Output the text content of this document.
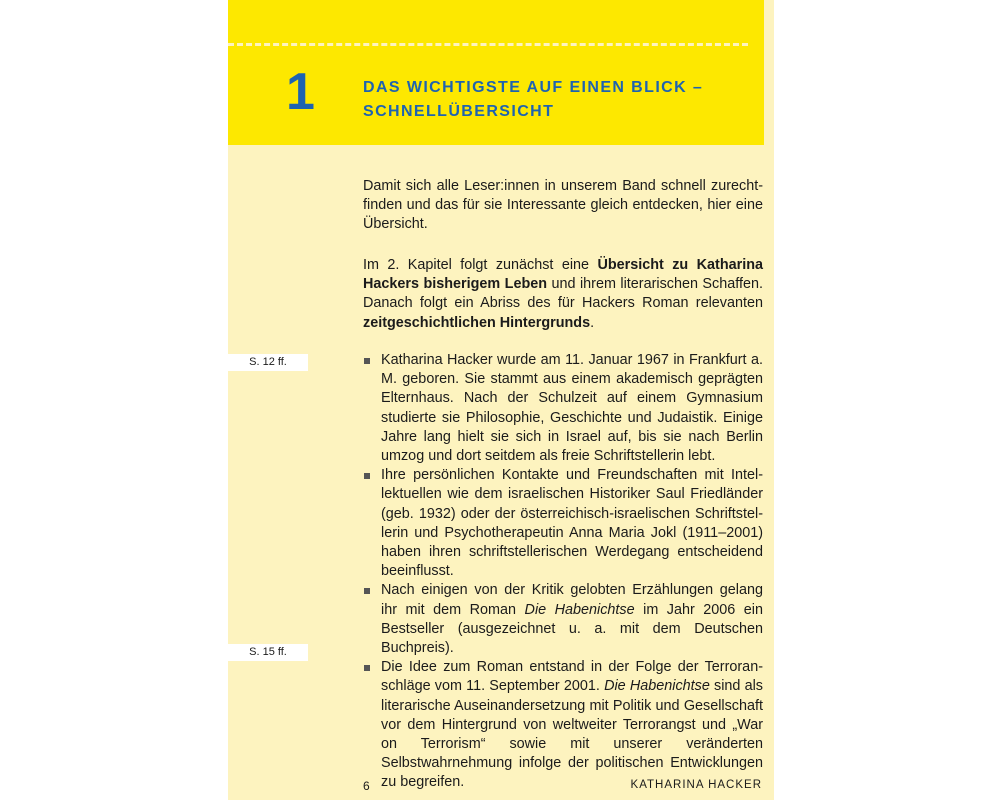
1	DAS WICHTIGSTE AUF EINEN BLICK –
SCHNELLÜBERSICHT

Damit sich alle Leser:innen in unserem Band schnell zurechtfinden und das für sie Interessante gleich entdecken, hier eine Übersicht.

Im 2. Kapitel folgt zunächst eine Übersicht zu Katharina Hackers bisherigem Leben und ihrem literarischen Schaffen. Danach folgt ein Abriss des für Hackers Roman relevanten zeitgeschichtlichen Hintergrunds.

S. 12 ff.
S. 15 ff.
Katharina Hacker wurde am 11. Januar 1967 in Frankfurt a. M. geboren. Sie stammt aus einem akademisch geprägten Elternhaus. Nach der Schulzeit auf einem Gymnasium studierte sie Philosophie, Geschichte und Judaistik. Einige Jahre lang hielt sie sich in Israel auf, bis sie nach Berlin umzog und dort seitdem als freie Schriftstellerin lebt.
Ihre persönlichen Kontakte und Freundschaften mit Intellektuellen wie dem israelischen Historiker Saul Friedländer (geb. 1932) oder der österreichisch-israelischen Schriftstellerin und Psychotherapeutin Anna Maria Jokl (1911–2001) haben ihren schriftstellerischen Werdegang entscheidend beeinflusst.
Nach einigen von der Kritik gelobten Erzählungen gelang ihr mit dem Roman Die Habenichtse im Jahr 2006 ein Bestseller (ausgezeichnet u. a. mit dem Deutschen Buchpreis).
Die Idee zum Roman entstand in der Folge der Terroranschläge vom 11. September 2001. Die Habenichtse sind als literarische Auseinandersetzung mit Politik und Gesellschaft vor dem Hintergrund von weltweiter Terrorangst und „War on Terrorism“ sowie mit unserer veränderten Selbstwahrnehmung infolge der politischen Entwicklungen zu begreifen.
6	KATHARINA HACKER
